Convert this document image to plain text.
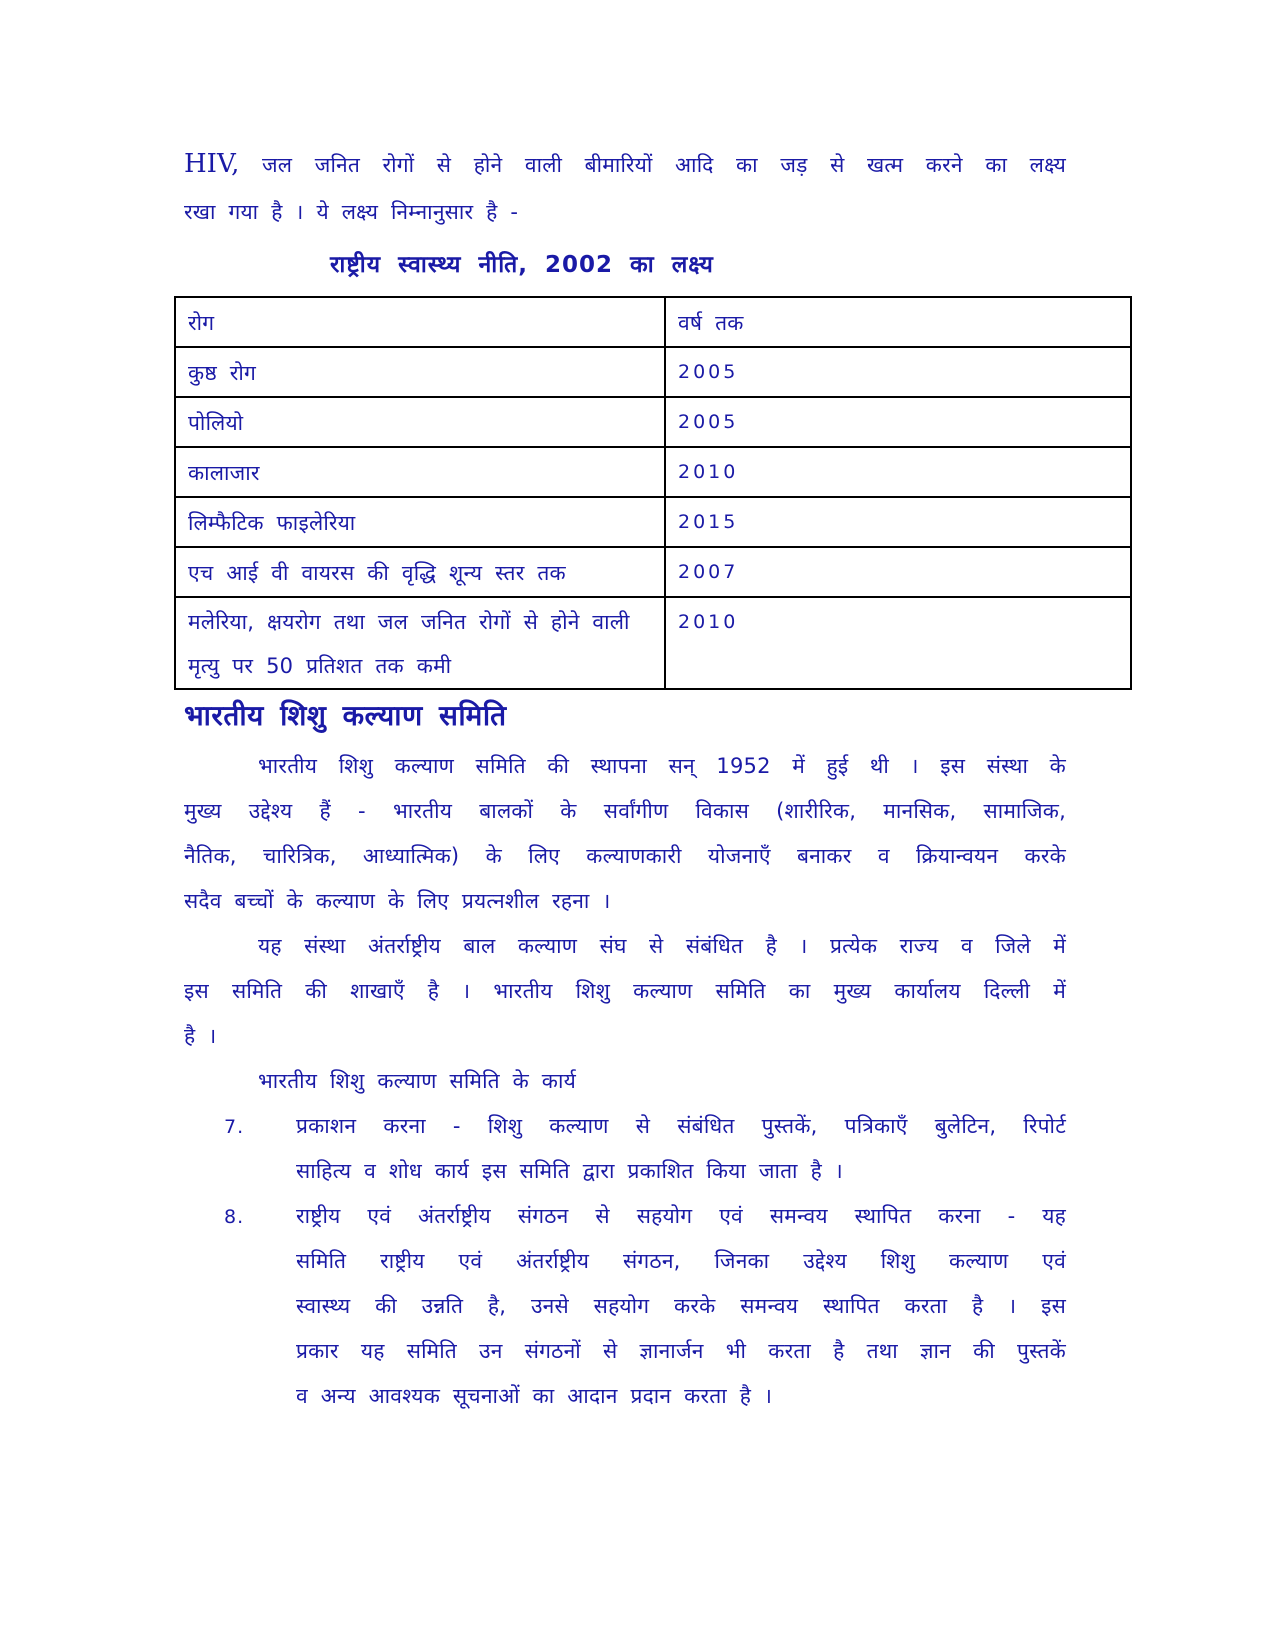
HIV, जल जनित रोगों से होने वाली बीमारियों आदि का जड़ से खत्म करने का लक्ष्य
रखा गया है । ये लक्ष्य निम्नानुसार है -
राष्ट्रीय स्वास्थ्य नीति, 2002 का लक्ष्य
रोग	वर्ष तक
कुष्ठ रोग	2005
पोलियो	2005
कालाजार	2010
लिम्फैटिक फाइलेरिया	2015
एच आई वी वायरस की वृद्धि शून्य स्तर तक	2007
मलेरिया, क्षयरोग तथा जल जनित रोगों से होने वाली मृत्यु पर 50 प्रतिशत तक कमी	2010
भारतीय शिशु कल्याण समिति
भारतीय शिशु कल्याण समिति की स्थापना सन् 1952 में हुई थी । इस संस्था के
मुख्य उद्देश्य हैं - भारतीय बालकों के सर्वांगीण विकास (शारीरिक, मानसिक, सामाजिक,
नैतिक, चारित्रिक, आध्यात्मिक) के लिए कल्याणकारी योजनाएँ बनाकर व क्रियान्वयन करके
सदैव बच्चों के कल्याण के लिए प्रयत्नशील रहना ।
यह संस्था अंतर्राष्ट्रीय बाल कल्याण संघ से संबंधित है । प्रत्येक राज्य व जिले में
इस समिति की शाखाएँ है । भारतीय शिशु कल्याण समिति का मुख्य कार्यालय दिल्ली में
है ।
भारतीय शिशु कल्याण समिति के कार्य
7. प्रकाशन करना - शिशु कल्याण से संबंधित पुस्तकें, पत्रिकाएँ बुलेटिन, रिपोर्ट
साहित्य व शोध कार्य इस समिति द्वारा प्रकाशित किया जाता है ।
8. राष्ट्रीय एवं अंतर्राष्ट्रीय संगठन से सहयोग एवं समन्वय स्थापित करना - यह
समिति राष्ट्रीय एवं अंतर्राष्ट्रीय संगठन, जिनका उद्देश्य शिशु कल्याण एवं
स्वास्थ्य की उन्नति है, उनसे सहयोग करके समन्वय स्थापित करता है । इस
प्रकार यह समिति उन संगठनों से ज्ञानार्जन भी करता है तथा ज्ञान की पुस्तकें
व अन्य आवश्यक सूचनाओं का आदान प्रदान करता है ।
